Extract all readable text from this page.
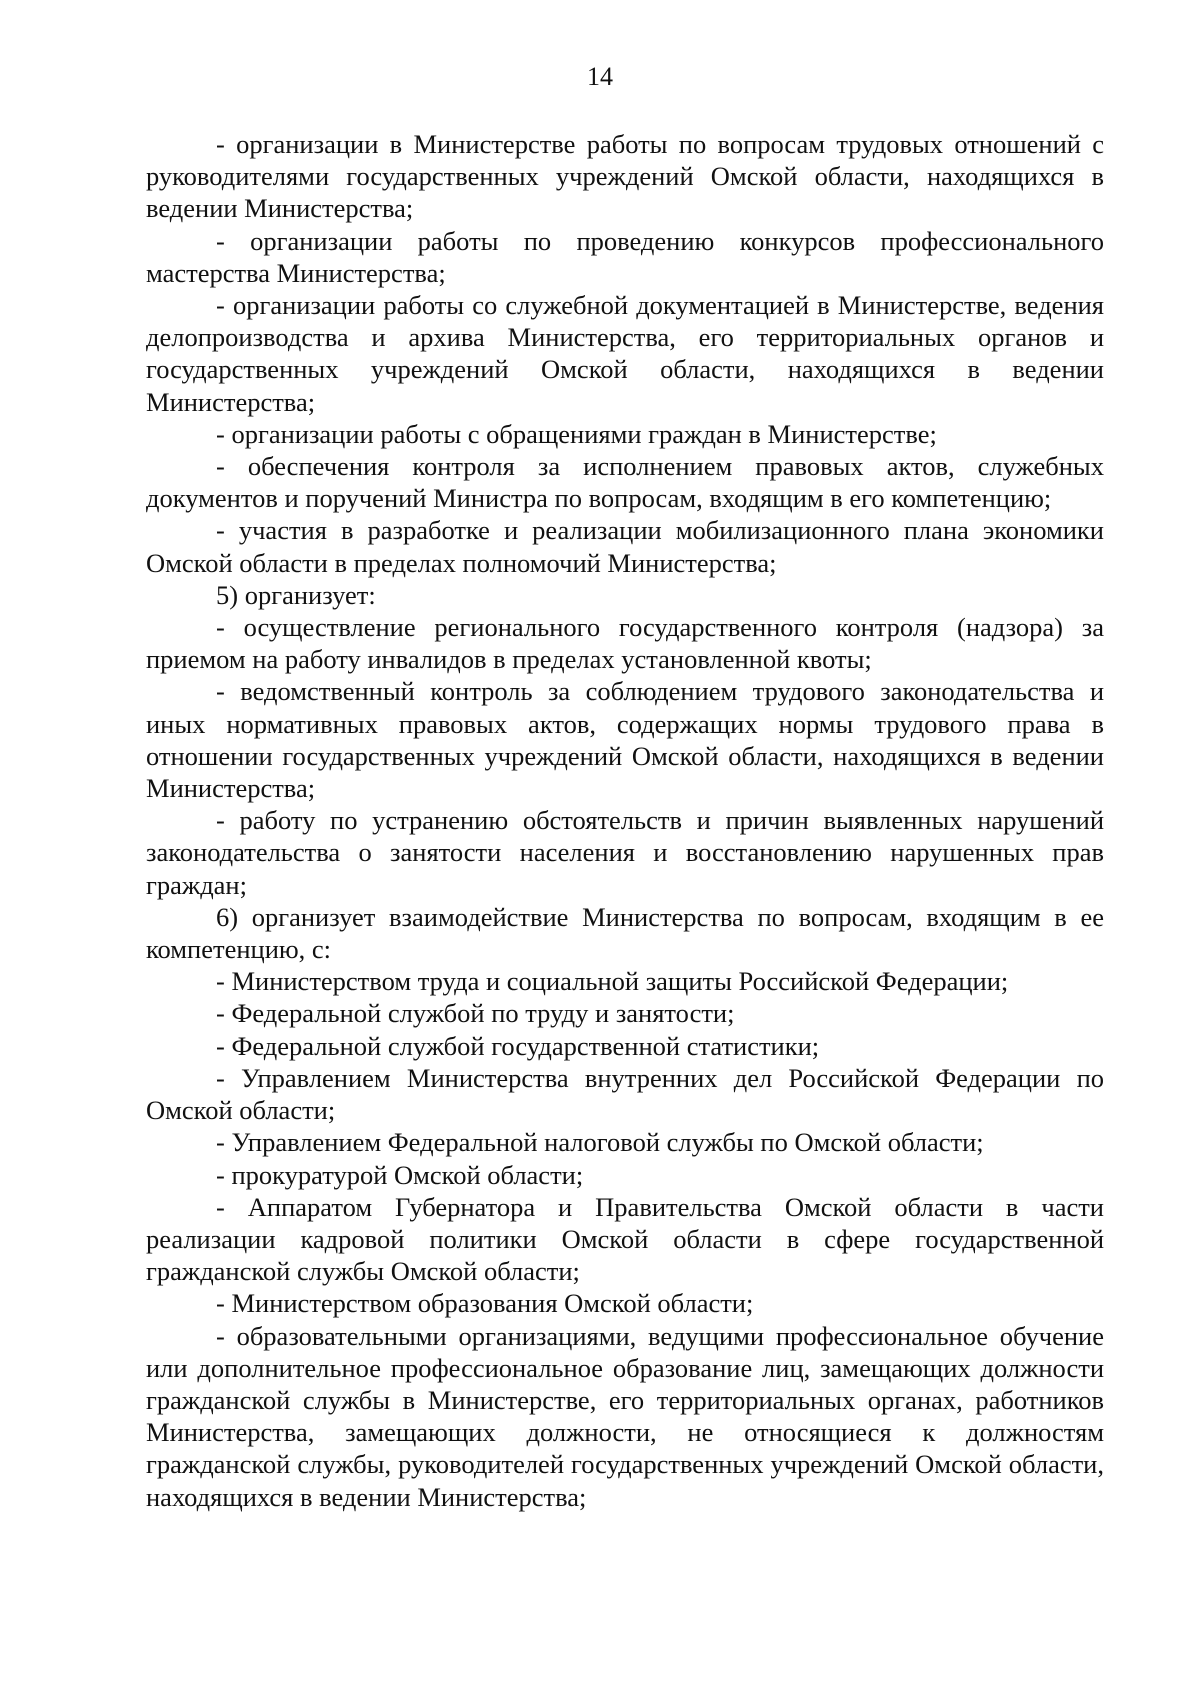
14

- организации в Министерстве работы по вопросам трудовых отношений с руководителями государственных учреждений Омской области, находящихся в ведении Министерства;

- организации работы по проведению конкурсов профессионального мастерства Министерства;

- организации работы со служебной документацией в Министерстве, ведения делопроизводства и архива Министерства, его территориальных органов и государственных учреждений Омской области, находящихся в ведении Министерства;

- организации работы с обращениями граждан в Министерстве;

- обеспечения контроля за исполнением правовых актов, служебных документов и поручений Министра по вопросам, входящим в его компетенцию;

- участия в разработке и реализации мобилизационного плана экономики Омской области в пределах полномочий Министерства;

5) организует:

- осуществление регионального государственного контроля (надзора) за приемом на работу инвалидов в пределах установленной квоты;

- ведомственный контроль за соблюдением трудового законодательства и иных нормативных правовых актов, содержащих нормы трудового права в отношении государственных учреждений Омской области, находящихся в ведении Министерства;

- работу по устранению обстоятельств и причин выявленных нарушений законодательства о занятости населения и восстановлению нарушенных прав граждан;

6) организует взаимодействие Министерства по вопросам, входящим в ее компетенцию, с:

- Министерством труда и социальной защиты Российской Федерации;

- Федеральной службой по труду и занятости;

- Федеральной службой государственной статистики;

- Управлением Министерства внутренних дел Российской Федерации по Омской области;

- Управлением Федеральной налоговой службы по Омской области;

- прокуратурой Омской области;

- Аппаратом Губернатора и Правительства Омской области в части реализации кадровой политики Омской области в сфере государственной гражданской службы Омской области;

- Министерством образования Омской области;

- образовательными организациями, ведущими профессиональное обучение или дополнительное профессиональное образование лиц, замещающих должности гражданской службы в Министерстве, его территориальных органах, работников Министерства, замещающих должности, не относящиеся к должностям гражданской службы, руководителей государственных учреждений Омской области, находящихся в ведении Министерства;
